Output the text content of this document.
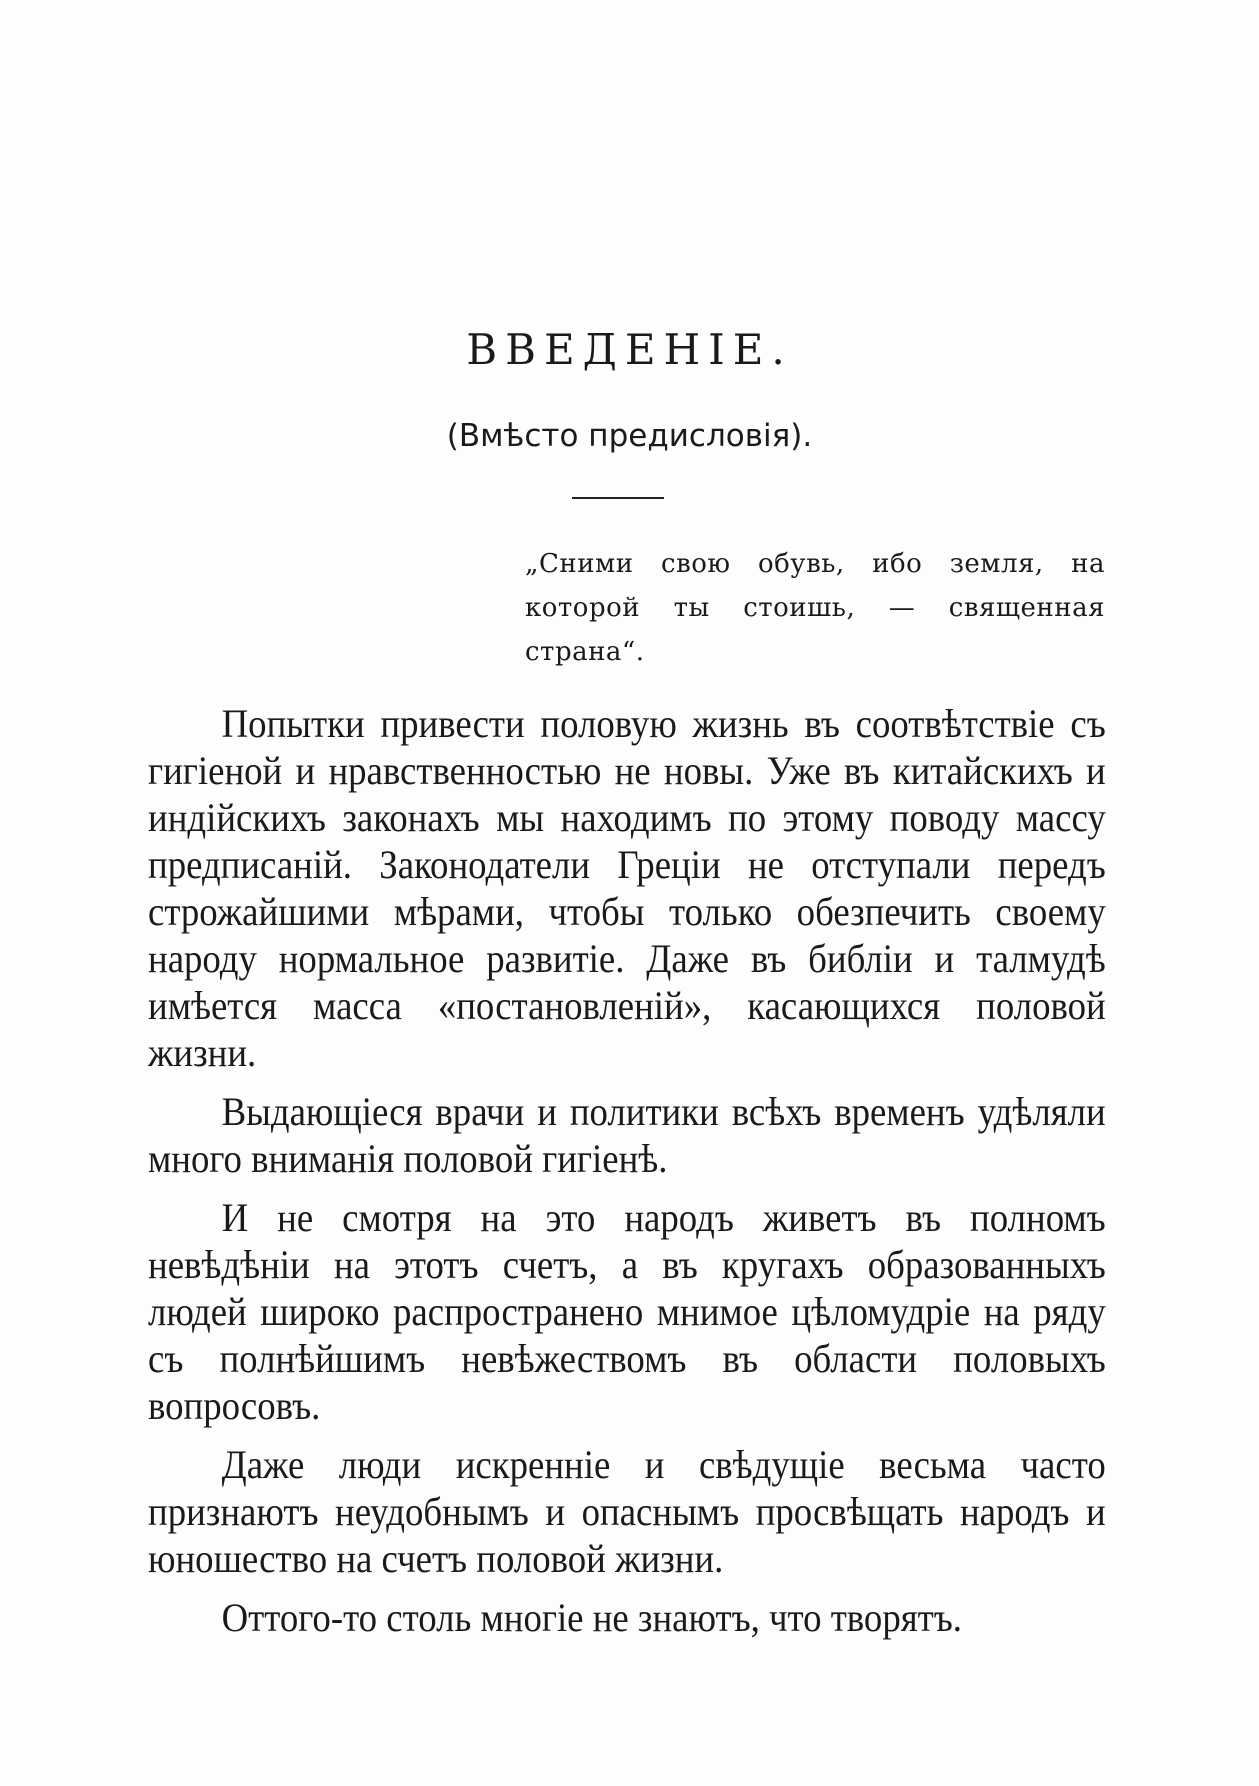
ВВЕДЕНІЕ.
(Вмѣсто предисловія).
„Сними свою обувь, ибо земля, на которой ты стоишь, — священная страна“.

Попытки привести половую жизнь въ соотвѣтствіе съ гигіеной и нравственностью не новы. Уже въ китайскихъ и индійскихъ законахъ мы находимъ по этому поводу массу предписаній. Законодатели Греціи не отступали передъ строжайшими мѣрами, чтобы только обезпечить своему народу нормальное развитіе. Даже въ библіи и талмудѣ имѣется масса «постановленій», касающихся половой жизни.

Выдающіеся врачи и политики всѣхъ временъ удѣляли много вниманія половой гигіенѣ.

И не смотря на это народъ живетъ въ полномъ невѣдѣніи на этотъ счетъ, а въ кругахъ образованныхъ людей широко распространено мнимое цѣломудріе на ряду съ полнѣйшимъ невѣжествомъ въ области половыхъ вопросовъ.

Даже люди искренніе и свѣдущіе весьма часто признаютъ неудобнымъ и опаснымъ просвѣщать народъ и юношество на счетъ половой жизни.

Оттого-то столь многіе не знаютъ, что творятъ.
